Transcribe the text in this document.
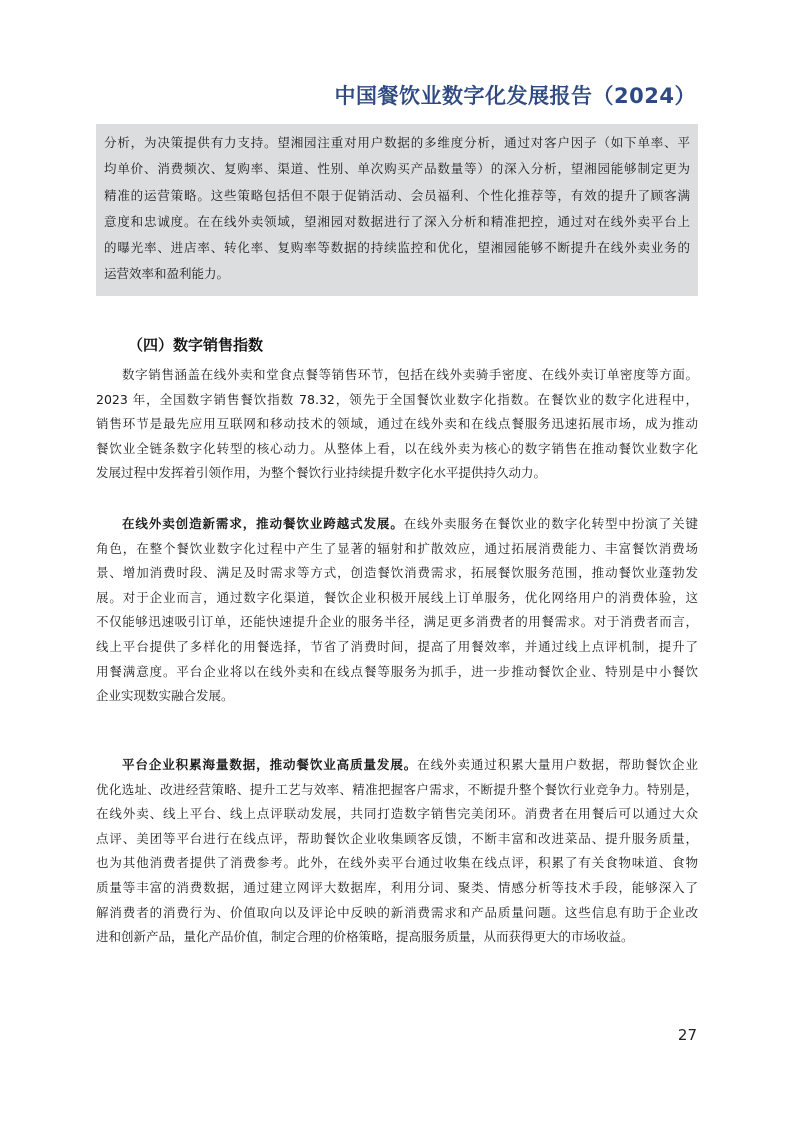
中国餐饮业数字化发展报告（2024）
分析，为决策提供有力支持。望湘园注重对用户数据的多维度分析，通过对客户因子（如下单率、平
均单价、消费频次、复购率、渠道、性别、单次购买产品数量等）的深入分析，望湘园能够制定更为
精准的运营策略。这些策略包括但不限于促销活动、会员福利、个性化推荐等，有效的提升了顾客满
意度和忠诚度。在在线外卖领域，望湘园对数据进行了深入分析和精准把控，通过对在线外卖平台上
的曝光率、进店率、转化率、复购率等数据的持续监控和优化，望湘园能够不断提升在线外卖业务的
运营效率和盈利能力。
（四）数字销售指数
数字销售涵盖在线外卖和堂食点餐等销售环节，包括在线外卖骑手密度、在线外卖订单密度等方面。
2023 年，全国数字销售餐饮指数 78.32，领先于全国餐饮业数字化指数。在餐饮业的数字化进程中，
销售环节是最先应用互联网和移动技术的领域，通过在线外卖和在线点餐服务迅速拓展市场，成为推动
餐饮业全链条数字化转型的核心动力。从整体上看，以在线外卖为核心的数字销售在推动餐饮业数字化
发展过程中发挥着引领作用，为整个餐饮行业持续提升数字化水平提供持久动力。
在线外卖创造新需求，推动餐饮业跨越式发展。在线外卖服务在餐饮业的数字化转型中扮演了关键
角色，在整个餐饮业数字化过程中产生了显著的辐射和扩散效应，通过拓展消费能力、丰富餐饮消费场
景、增加消费时段、满足及时需求等方式，创造餐饮消费需求，拓展餐饮服务范围，推动餐饮业蓬勃发
展。对于企业而言，通过数字化渠道，餐饮企业积极开展线上订单服务，优化网络用户的消费体验，这
不仅能够迅速吸引订单，还能快速提升企业的服务半径，满足更多消费者的用餐需求。对于消费者而言，
线上平台提供了多样化的用餐选择，节省了消费时间，提高了用餐效率，并通过线上点评机制，提升了
用餐满意度。平台企业将以在线外卖和在线点餐等服务为抓手，进一步推动餐饮企业、特别是中小餐饮
企业实现数实融合发展。
平台企业积累海量数据，推动餐饮业高质量发展。在线外卖通过积累大量用户数据，帮助餐饮企业
优化选址、改进经营策略、提升工艺与效率、精准把握客户需求，不断提升整个餐饮行业竞争力。特别是，
在线外卖、线上平台、线上点评联动发展，共同打造数字销售完美闭环。消费者在用餐后可以通过大众
点评、美团等平台进行在线点评，帮助餐饮企业收集顾客反馈，不断丰富和改进菜品、提升服务质量，
也为其他消费者提供了消费参考。此外，在线外卖平台通过收集在线点评，积累了有关食物味道、食物
质量等丰富的消费数据，通过建立网评大数据库，利用分词、聚类、情感分析等技术手段，能够深入了
解消费者的消费行为、价值取向以及评论中反映的新消费需求和产品质量问题。这些信息有助于企业改
进和创新产品，量化产品价值，制定合理的价格策略，提高服务质量，从而获得更大的市场收益。
27
